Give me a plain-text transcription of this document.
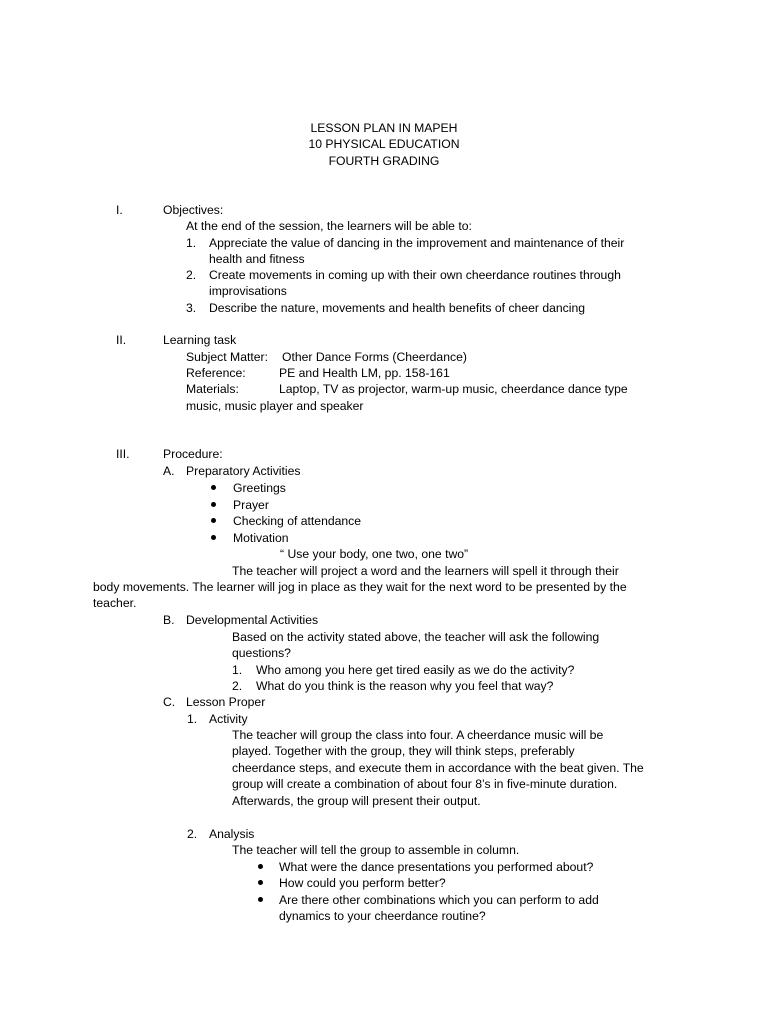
LESSON PLAN IN MAPEH
10 PHYSICAL EDUCATION
FOURTH GRADING
I.	Objectives:
At the end of the session, the learners will be able to:
1. Appreciate the value of dancing in the improvement and maintenance of their
health and fitness
2. Create movements in coming up with their own cheerdance routines through
improvisations
3. Describe the nature, movements and health benefits of cheer dancing
II.	Learning task
Subject Matter: Other Dance Forms (Cheerdance)
Reference:	PE and Health LM, pp. 158-161
Materials:	Laptop, TV as projector, warm-up music, cheerdance dance type
music, music player and speaker
III.	Procedure:
A. Preparatory Activities
Greetings
Prayer
Checking of attendance
Motivation
“ Use your body, one two, one two”
The teacher will project a word and the learners will spell it through their
body movements. The learner will jog in place as they wait for the next word to be presented by the
teacher.
B. Developmental Activities
Based on the activity stated above, the teacher will ask the following
questions?
1. Who among you here get tired easily as we do the activity?
2. What do you think is the reason why you feel that way?
C. Lesson Proper
1. Activity
The teacher will group the class into four. A cheerdance music will be
played. Together with the group, they will think steps, preferably
cheerdance steps, and execute them in accordance with the beat given. The
group will create a combination of about four 8’s in five-minute duration.
Afterwards, the group will present their output.
2. Analysis
The teacher will tell the group to assemble in column.
What were the dance presentations you performed about?
How could you perform better?
Are there other combinations which you can perform to add
dynamics to your cheerdance routine?
